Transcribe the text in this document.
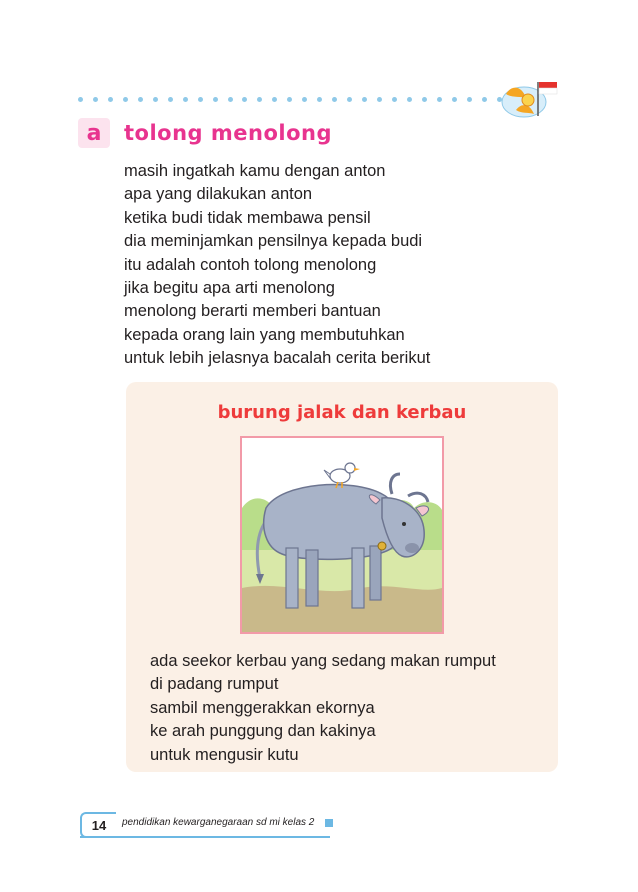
a	tolong menolong
masih ingatkah kamu dengan anton
apa yang dilakukan anton
ketika budi tidak membawa pensil
dia meminjamkan pensilnya kepada budi
itu adalah contoh tolong menolong
jika begitu apa arti menolong
menolong berarti memberi bantuan
kepada orang lain yang membutuhkan
untuk lebih jelasnya bacalah cerita berikut
burung jalak dan kerbau
ada seekor kerbau yang sedang makan rumput
di padang rumput
sambil menggerakkan ekornya
ke arah punggung dan kakinya
untuk mengusir kutu
14	pendidikan kewarganegaraan sd mi kelas 2
